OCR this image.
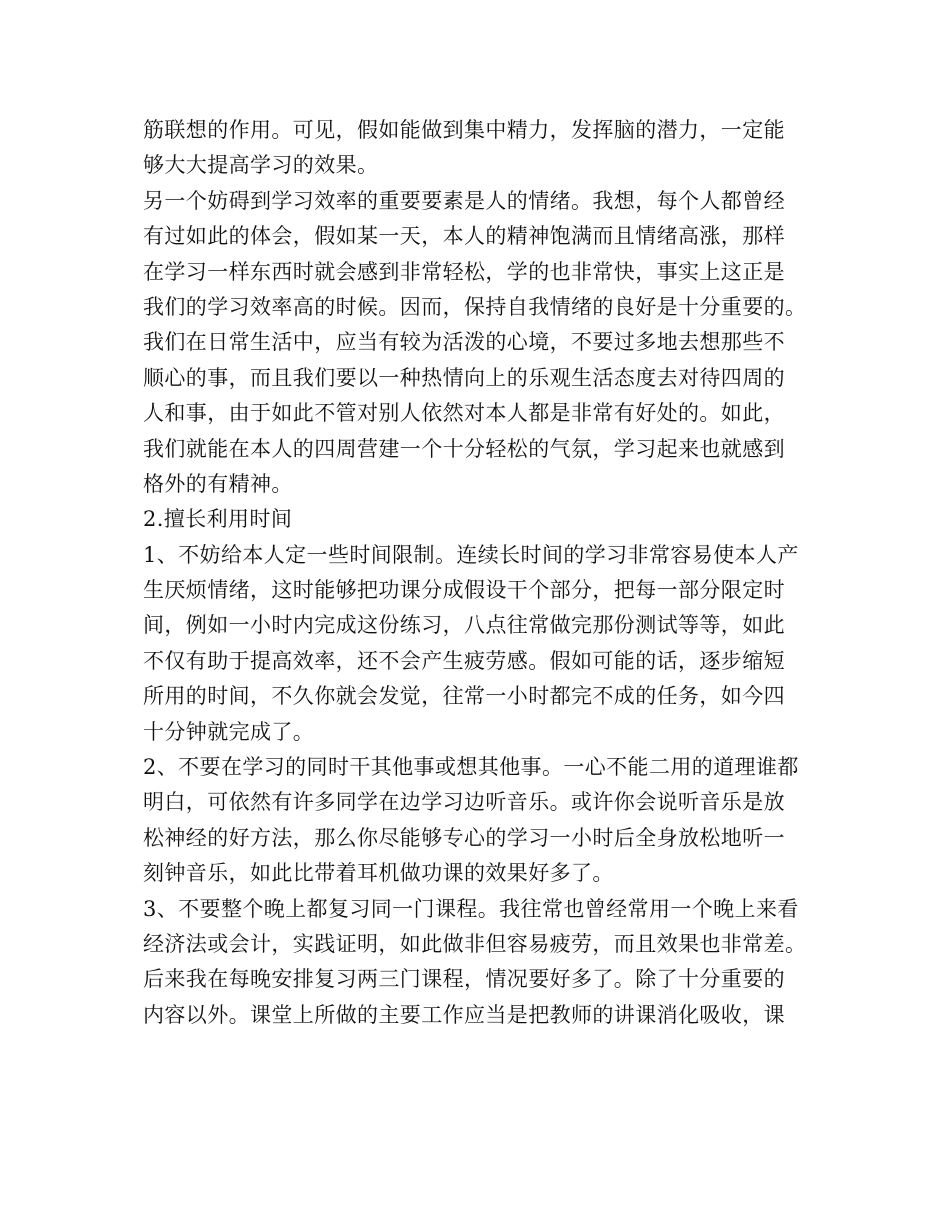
筋联想的作用。可见，假如能做到集中精力，发挥脑的潜力，一定能
够大大提高学习的效果。
另一个妨碍到学习效率的重要要素是人的情绪。我想，每个人都曾经
有过如此的体会，假如某一天，本人的精神饱满而且情绪高涨，那样
在学习一样东西时就会感到非常轻松，学的也非常快，事实上这正是
我们的学习效率高的时候。因而，保持自我情绪的良好是十分重要的。
我们在日常生活中，应当有较为活泼的心境，不要过多地去想那些不
顺心的事，而且我们要以一种热情向上的乐观生活态度去对待四周的
人和事，由于如此不管对别人依然对本人都是非常有好处的。如此，
我们就能在本人的四周营建一个十分轻松的气氛，学习起来也就感到
格外的有精神。
2.擅长利用时间
1、不妨给本人定一些时间限制。连续长时间的学习非常容易使本人产
生厌烦情绪，这时能够把功课分成假设干个部分，把每一部分限定时
间，例如一小时内完成这份练习，八点往常做完那份测试等等，如此
不仅有助于提高效率，还不会产生疲劳感。假如可能的话，逐步缩短
所用的时间，不久你就会发觉，往常一小时都完不成的任务，如今四
十分钟就完成了。
2、不要在学习的同时干其他事或想其他事。一心不能二用的道理谁都
明白，可依然有许多同学在边学习边听音乐。或许你会说听音乐是放
松神经的好方法，那么你尽能够专心的学习一小时后全身放松地听一
刻钟音乐，如此比带着耳机做功课的效果好多了。
3、不要整个晚上都复习同一门课程。我往常也曾经常用一个晚上来看
经济法或会计，实践证明，如此做非但容易疲劳，而且效果也非常差。
后来我在每晚安排复习两三门课程，情况要好多了。除了十分重要的
内容以外。课堂上所做的主要工作应当是把教师的讲课消化吸收，课
